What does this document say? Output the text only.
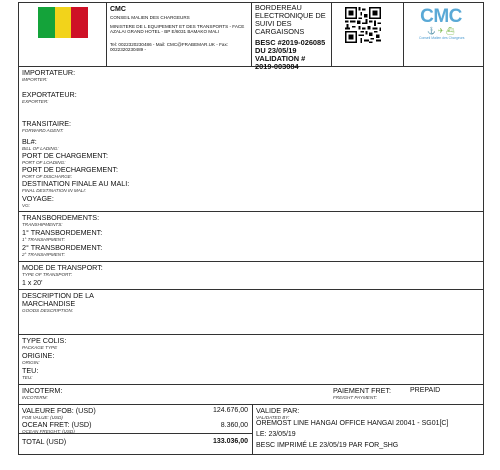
CMC
CONSEIL MALIEN DES CHARGEURS
MINISTERE DE L EQUIPEMENT ET DES TRANSPORTS - FACE AZALAI GRAND HOTEL - BP E/6031 BAMAKO MALI
Tel: 0022320230486 - Mail: CMC@FRABEMAR.UK - Fax: 0022320230489 -
BORDEREAU
ELECTRONIQUE DE
SUIVI DES
CARGAISONS
BESC #2019-026085
DU 23/05/19
VALIDATION #
2019-003084
CMC
⚓ ✈ ⛴
Conseil Malien des Chargeurs
IMPORTATEUR:
IMPORTER:
EXPORTATEUR:
EXPORTER:
TRANSITAIRE:
FORWARD AGENT:
BL#:
BILL OF LADING:
PORT DE CHARGEMENT:
PORT OF LOADING:
PORT DE DECHARGEMENT:
PORT OF DISCHARGE:
DESTINATION FINALE AU MALI:
FINAL DESTINATION IN MALI:
VOYAGE:
VG:
TRANSBORDEMENTS:
TRANSHIPMENTS:
1° TRANSBORDEMENT:
1° TRANSHIPMENT:
2° TRANSBORDEMENT:
2° TRANSHIPMENT:
MODE DE TRANSPORT:
TYPE OF TRANSPORT:
1 x 20'
DESCRIPTION DE LA
MARCHANDISE
GOODS DESCRIPTION:
TYPE COLIS:
PACKAGE TYPE
ORIGINE:
ORIGIN:
TEU:
TEU:
INCOTERM:
INCOTERM:
PAIEMENT FRET:
FREIGHT PAYMENT:
PREPAID
VALEURE FOB: (USD)
FOB VALUE: (USD)
124.676,00
OCEAN FRET: (USD)
OCEAN FREIGHT: (USD)
8.360,00
TOTAL (USD)	133.036,00
VALIDE PAR:
VALIDATED BY:
OREMOST LINE HANGAI OFFICE HANGAI 20041 - SG01[C]
LE: 23/05/19
BESC IMPRIMÉ LE 23/05/19 PAR FOR_SHG
